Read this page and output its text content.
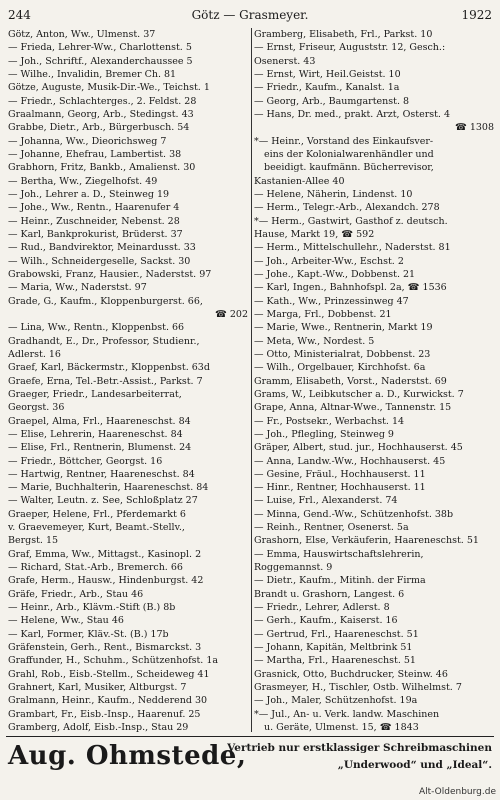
244	Götz — Grasmeyer.	1922
Götz, Anton, Ww., Ulmenst. 37
— Frieda, Lehrer-Ww., Charlottenst. 5
— Joh., Schriftf., Alexanderchaussee 5
— Wilhe., Invalidin, Bremer Ch. 81
Götze, Auguste, Musik-Dir.-We., Teichst. 1
— Friedr., Schlachterges., 2. Feldst. 28
Graalmann, Georg, Arb., Stedingst. 43
Grabbe, Dietr., Arb., Bürgerbusch. 54
— Johanna, Ww., Dieorichsweg 7
— Johanne, Ehefrau, Lambertist. 38
Grabhorn, Fritz, Bankb., Amalienst. 30
— Bertha, Ww., Ziegelhofst. 49
— Joh., Lehrer a. D., Steinweg 19
— Johe., Ww., Rentn., Haarenufer 4
— Heinr., Zuschneider, Nebenst. 28
— Karl, Bankprokurist, Brüderst. 37
— Rud., Bandvirektor, Meinardusst. 33
— Wilh., Schneidergeselle, Sackst. 30
Grabowski, Franz, Hausier., Naderstst. 97
— Maria, Ww., Naderstst. 97
Grade, G., Kaufm., Kloppenburgerst. 66,
☎ 202
— Lina, Ww., Rentn., Kloppenbst. 66
Gradhandt, E., Dr., Professor, Studienr.,
Adlerst. 16
Graef, Karl, Bäckermstr., Kloppenbst. 63d
Graefe, Erna, Tel.-Betr.-Assist., Parkst. 7
Graeger, Friedr., Landesarbeiterrat,
Georgst. 36
Graepel, Alma, Frl., Haareneschst. 84
— Elise, Lehrerin, Haareneschst. 84
— Elise, Frl., Rentnerin, Blumenst. 24
— Friedr., Böttcher, Georgst. 16
— Hartwig, Rentner, Haareneschst. 84
— Marie, Buchhalterin, Haareneschst. 84
— Walter, Leutn. z. See, Schloßplatz 27
Graeper, Helene, Frl., Pferdemarkt 6
v. Graevemeyer, Kurt, Beamt.-Stellv.,
Bergst. 15
Graf, Emma, Ww., Mittagst., Kasinopl. 2
— Richard, Stat.-Arb., Bremerch. 66
Grafe, Herm., Hausw., Hindenburgst. 42
Gräfe, Friedr., Arb., Stau 46
— Heinr., Arb., Klävm.-Stift (B.) 8b
— Helene, Ww., Stau 46
— Karl, Former, Kläv.-St. (B.) 17b
Gräfenstein, Gerh., Rent., Bismarckst. 3
Graffunder, H., Schuhm., Schützenhofst. 1a
Grahl, Rob., Eisb.-Stellm., Scheideweg 41
Grahnert, Karl, Musiker, Altburgst. 7
Gralmann, Heinr., Kaufm., Nedderend 30
Grambart, Fr., Eisb.-Insp., Haarenuf. 25
Gramberg, Adolf, Eisb.-Insp., Stau 29
Gramberg, Elisabeth, Frl., Parkst. 10
— Ernst, Friseur, Auguststr. 12, Gesch.:
Osenerst. 43
— Ernst, Wirt, Heil.Geistst. 10
— Friedr., Kaufm., Kanalst. 1a
— Georg, Arb., Baumgartenst. 8
— Hans, Dr. med., prakt. Arzt, Osterst. 4
☎ 1308
*— Heinr., Vorstand des Einkaufsver-
eins der Kolonialwarenhändler und
beeidigt. kaufmänn. Bücherrevisor,
Kastanien-Allee 40
— Helene, Näherin, Lindenst. 10
— Herm., Telegr.-Arb., Alexandch. 278
*— Herm., Gastwirt, Gasthof z. deutsch.
Hause, Markt 19, ☎ 592
— Herm., Mittelschullehr., Naderstst. 81
— Joh., Arbeiter-Ww., Eschst. 2
— Johe., Kapt.-Ww., Dobbenst. 21
— Karl, Ingen., Bahnhofspl. 2a, ☎ 1536
— Kath., Ww., Prinzessinweg 47
— Marga, Frl., Dobbenst. 21
— Marie, Wwe., Rentnerin, Markt 19
— Meta, Ww., Nordest. 5
— Otto, Ministerialrat, Dobbenst. 23
— Wilh., Orgelbauer, Kirchhofst. 6a
Gramm, Elisabeth, Vorst., Naderstst. 69
Grams, W., Leibkutscher a. D., Kurwickst. 7
Grape, Anna, Altnar-Wwe., Tannenstr. 15
— Fr., Postsekr., Werbachst. 14
— Joh., Pflegling, Steinweg 9
Gräper, Albert, stud. jur., Hochhauserst. 45
— Anna, Landw.-Ww., Hochhauserst. 45
— Gesine, Fräul., Hochhauserst. 11
— Hinr., Rentner, Hochhauserst. 11
— Luise, Frl., Alexanderst. 74
— Minna, Gend.-Ww., Schützenhofst. 38b
— Reinh., Rentner, Osenerst. 5a
Grashorn, Else, Verkäuferin, Haareneschst. 51
— Emma, Hauswirtschaftslehrerin,
Roggemannst. 9
— Dietr., Kaufm., Mitinh. der Firma
Brandt u. Grashorn, Langest. 6
— Friedr., Lehrer, Adlerst. 8
— Gerh., Kaufm., Kaiserst. 16
— Gertrud, Frl., Haareneschst. 51
— Johann, Kapitän, Meltbrink 51
— Martha, Frl., Haareneschst. 51
Grasnick, Otto, Buchdrucker, Steinw. 46
Grasmeyer, H., Tischler, Ostb. Wilhelmst. 7
— Joh., Maler, Schützenhofst. 19a
*— Jul., An- u. Verk. landw. Maschinen
u. Geräte, Ulmenst. 15, ☎ 1843
Aug. Ohmstede,
Vertrieb nur erstklassiger Schreibmaschinen
„Underwood“ und „Ideal“.
Alt-Oldenburg.de
